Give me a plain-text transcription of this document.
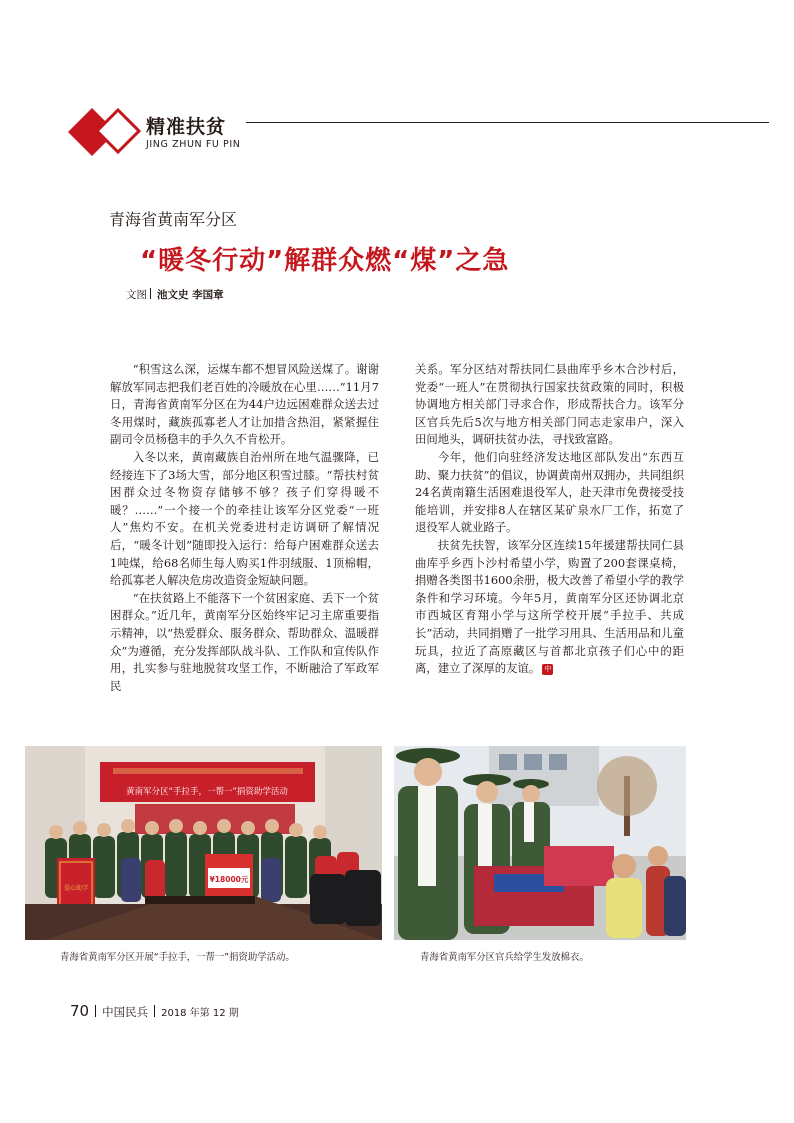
精准扶贫
JING ZHUN FU PIN
青海省黄南军分区
“暖冬行动”解群众燃“煤”之急
文图 池文史 李国章

“积雪这么深，运煤车都不想冒风险送煤了。谢谢解放军同志把我们老百姓的冷暖放在心里……”11月7日，青海省黄南军分区在为44户边远困难群众送去过冬用煤时，藏族孤寡老人才让加措含热泪，紧紧握住副司令员杨稳丰的手久久不肯松开。

入冬以来，黄南藏族自治州所在地气温骤降，已经接连下了3场大雪，部分地区积雪过膝。“帮扶村贫困群众过冬物资存储够不够？孩子们穿得暖不暖？……”一个接一个的牵挂让该军分区党委“一班人”焦灼不安。在机关党委进村走访调研了解情况后，“暖冬计划”随即投入运行：给每户困难群众送去1吨煤，给68名师生每人购买1件羽绒服、1顶棉帽，给孤寡老人解决危房改造资金短缺问题。

“在扶贫路上不能落下一个贫困家庭、丢下一个贫困群众。”近几年，黄南军分区始终牢记习主席重要指示精神，以“热爱群众、服务群众、帮助群众、温暖群众”为遵循，充分发挥部队战斗队、工作队和宣传队作用，扎实参与驻地脱贫攻坚工作，不断融洽了军政军民

关系。军分区结对帮扶同仁县曲库乎乡木合沙村后，党委“一班人”在贯彻执行国家扶贫政策的同时，积极协调地方相关部门寻求合作，形成帮扶合力。该军分区官兵先后5次与地方相关部门同志走家串户，深入田间地头，调研扶贫办法，寻找致富路。

今年，他们向驻经济发达地区部队发出“东西互助、聚力扶贫”的倡议，协调黄南州双拥办，共同组织24名黄南籍生活困难退役军人，赴天津市免费接受技能培训，并安排8人在辖区某矿泉水厂工作，拓宽了退役军人就业路子。

扶贫先扶智，该军分区连续15年援建帮扶同仁县曲库乎乡西卜沙村希望小学，购置了200套课桌椅，捐赠各类图书1600余册，极大改善了希望小学的教学条件和学习环境。今年5月，黄南军分区还协调北京市西城区育翔小学与这所学校开展“手拉手、共成长”活动，共同捐赠了一批学习用具、生活用品和儿童玩具，拉近了高原藏区与首都北京孩子们心中的距离，建立了深厚的友谊。 中

黄南军分区“手拉手，一帮一”捐资助学活动
爱心助学
¥18000元
青海省黄南军分区开展“手拉手，一帮一”捐资助学活动。	青海省黄南军分区官兵给学生发放棉衣。
70 中国民兵 2018 年第 12 期
